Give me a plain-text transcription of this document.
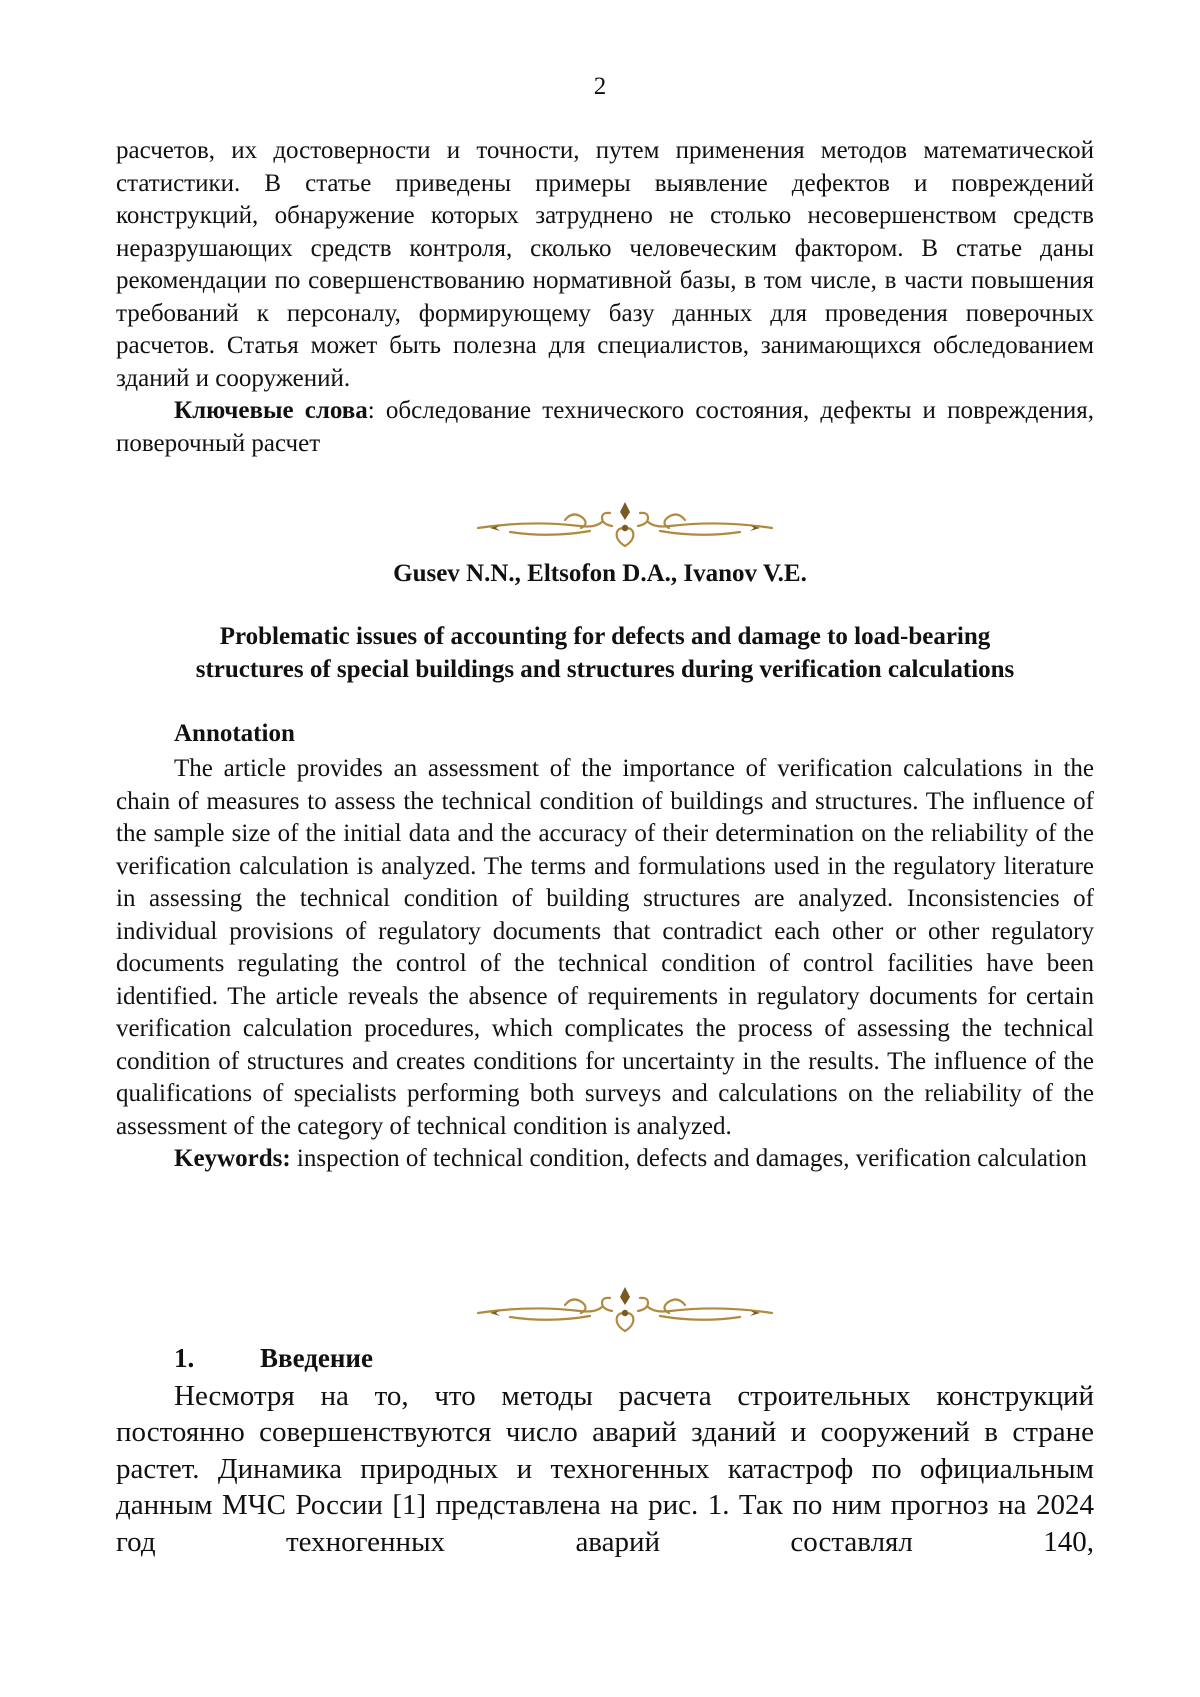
2

расчетов, их достоверности и точности, путем применения методов математической статистики. В статье приведены примеры выявление дефектов и повреждений конструкций, обнаружение которых затруднено не столько несовершенством средств неразрушающих средств контроля, сколько человеческим фактором. В статье даны рекомендации по совершенствованию нормативной базы, в том числе, в части повышения требований к персоналу, формирующему базу данных для проведения поверочных расчетов. Статья может быть полезна для специалистов, занимающихся обследованием зданий и сооружений.

Ключевые слова: обследование технического состояния, дефекты и повреждения, поверочный расчет

Gusev N.N., Eltsofon D.A., Ivanov V.E.
Problematic issues of accounting for defects and damage to load-bearing
structures of special buildings and structures during verification calculations
Annotation

The article provides an assessment of the importance of verification calculations in the chain of measures to assess the technical condition of buildings and structures. The influence of the sample size of the initial data and the accuracy of their determination on the reliability of the verification calculation is analyzed. The terms and formulations used in the regulatory literature in assessing the technical condition of building structures are analyzed. Inconsistencies of individual provisions of regulatory documents that contradict each other or other regulatory documents regulating the control of the technical condition of control facilities have been identified. The article reveals the absence of requirements in regulatory documents for certain verification calculation procedures, which complicates the process of assessing the technical condition of structures and creates conditions for uncertainty in the results. The influence of the qualifications of specialists performing both surveys and calculations on the reliability of the assessment of the category of technical condition is analyzed.

Keywords: inspection of technical condition, defects and damages, verification calculation

1. Введение

Несмотря на то, что методы расчета строительных конструкций постоянно совершенствуются число аварий зданий и сооружений в стране растет. Динамика природных и техногенных катастроф по официальным данным МЧС России [1] представлена на рис. 1. Так по ним прогноз на 2024 год техногенных аварий составлял 140,
